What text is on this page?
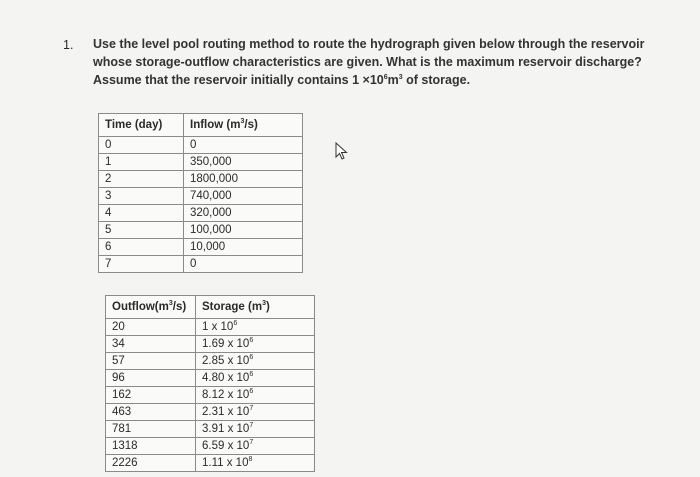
1. Use the level pool routing method to route the hydrograph given below through the reservoir
whose storage-outflow characteristics are given. What is the maximum reservoir discharge?
Assume that the reservoir initially contains $1 \times 10^6m^3$ of storage.
Time (day)	Inflow $(m^3/s)$
0	0
1	350,000
2	1800,000
3	740,000
4	320,000
5	100,000
6	10,000
7	0
$Outflow(m^3/s)$	Storage $(m^3)$
20	1 x $10^6$
34	1.69 x $10^6$
57	2.85 x $10^6$
96	4.80 x $10^6$
162	8.12 x $10^6$
463	2.31 x $10^7$
781	3.91 x $10^7$
1318	6.59 x $10^7$
2226	1.11 x $10^8$
